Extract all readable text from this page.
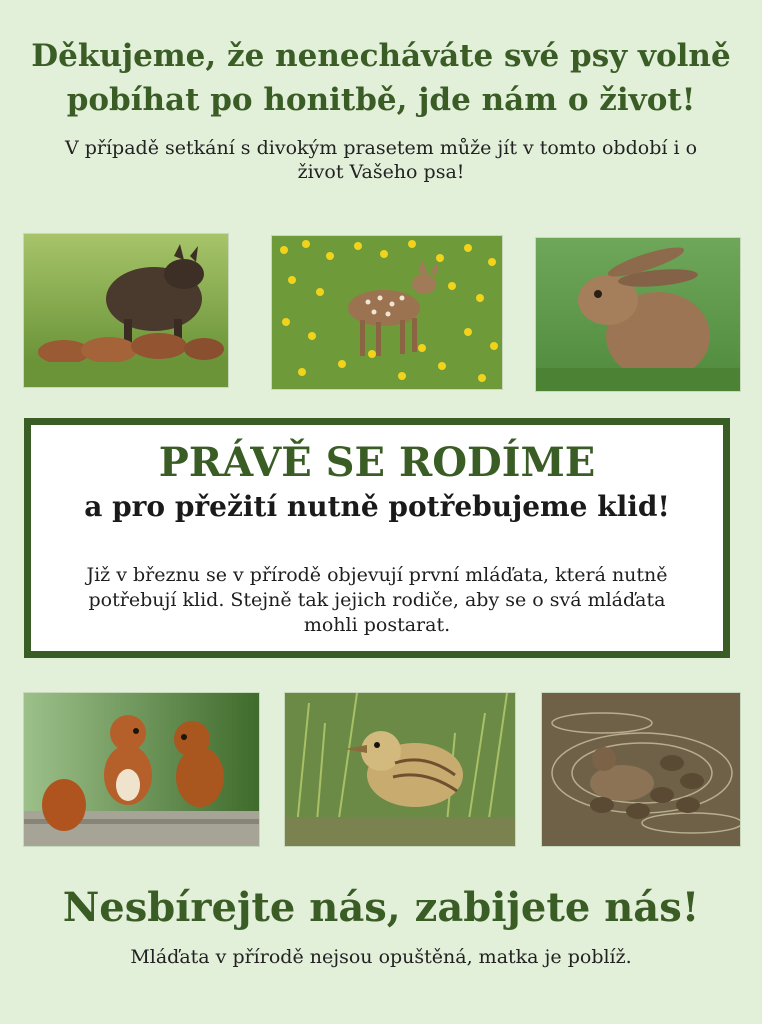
Děkujeme, že nenecháváte své psy volně
pobíhat po honitbě, jde nám o život!
V případě setkání s divokým prasetem může jít v tomto období i o život Vašeho psa!
PRÁVĚ SE RODÍME
a pro přežití nutně potřebujeme klid!
Již v březnu se v přírodě objevují první mláďata, která nutně potřebují klid. Stejně tak jejich rodiče, aby se o svá mláďata mohli postarat.
Nesbírejte nás, zabijete nás!
Mláďata v přírodě nejsou opuštěná, matka je poblíž.
